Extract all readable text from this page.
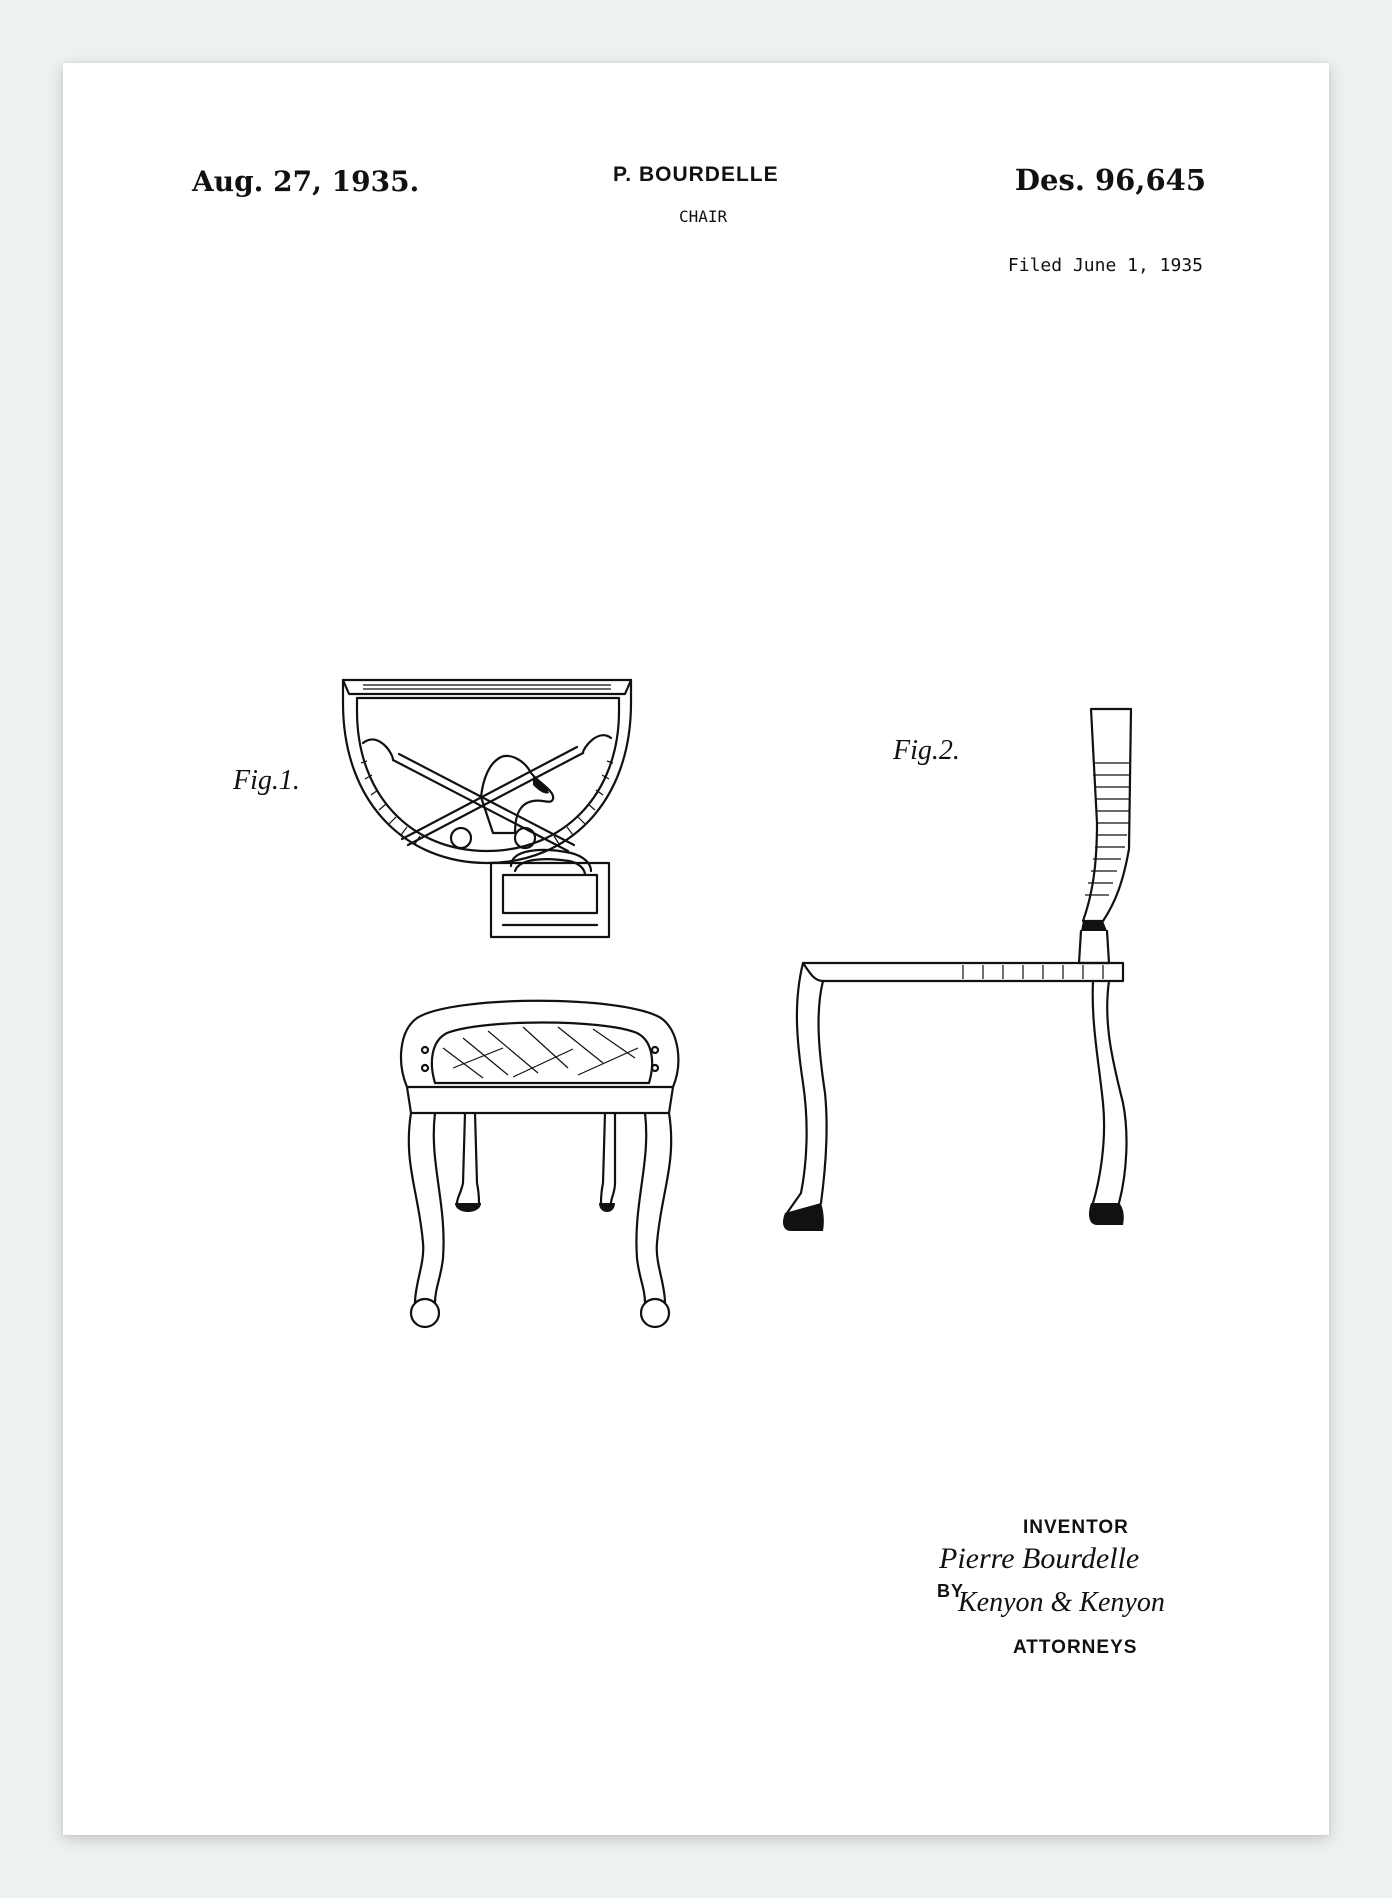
Aug. 27, 1935.	P. BOURDELLE
CHAIR
Des. 96,645
Filed June 1, 1935
Fig.1.
Fig.2.
INVENTOR
Pierre Bourdelle
BY
Kenyon & Kenyon
ATTORNEYS
